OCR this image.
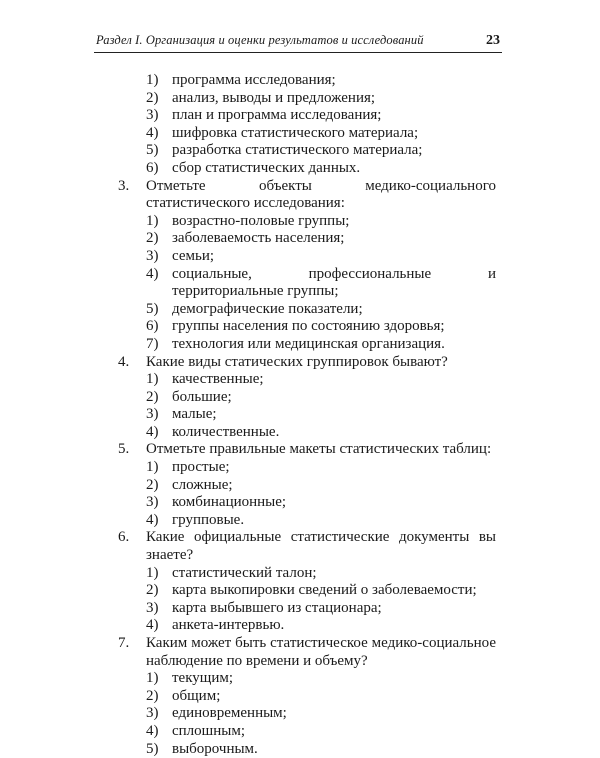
Раздел I. Организация и оценки результатов и исследований	23
1) программа исследования;
2) анализ, выводы и предложения;
3) план и программа исследования;
4) шифровка статистического материала;
5) разработка статистического материала;
6) сбор статистических данных.
3. Отметьте объекты медико-социального статистического исследования:
1) возрастно-половые группы;
2) заболеваемость населения;
3) семьи;
4) социальные, профессиональные и территориальные группы;
5) демографические показатели;
6) группы населения по состоянию здоровья;
7) технология или медицинская организация.
4. Какие виды статических группировок бывают?
1) качественные;
2) большие;
3) малые;
4) количественные.
5. Отметьте правильные макеты статистических таблиц:
1) простые;
2) сложные;
3) комбинационные;
4) групповые.
6. Какие официальные статистические документы вы знаете?
1) статистический талон;
2) карта выкопировки сведений о заболеваемости;
3) карта выбывшего из стационара;
4) анкета-интервью.
7. Каким может быть статистическое медико-социальное наблюдение по времени и объему?
1) текущим;
2) общим;
3) единовременным;
4) сплошным;
5) выборочным.
